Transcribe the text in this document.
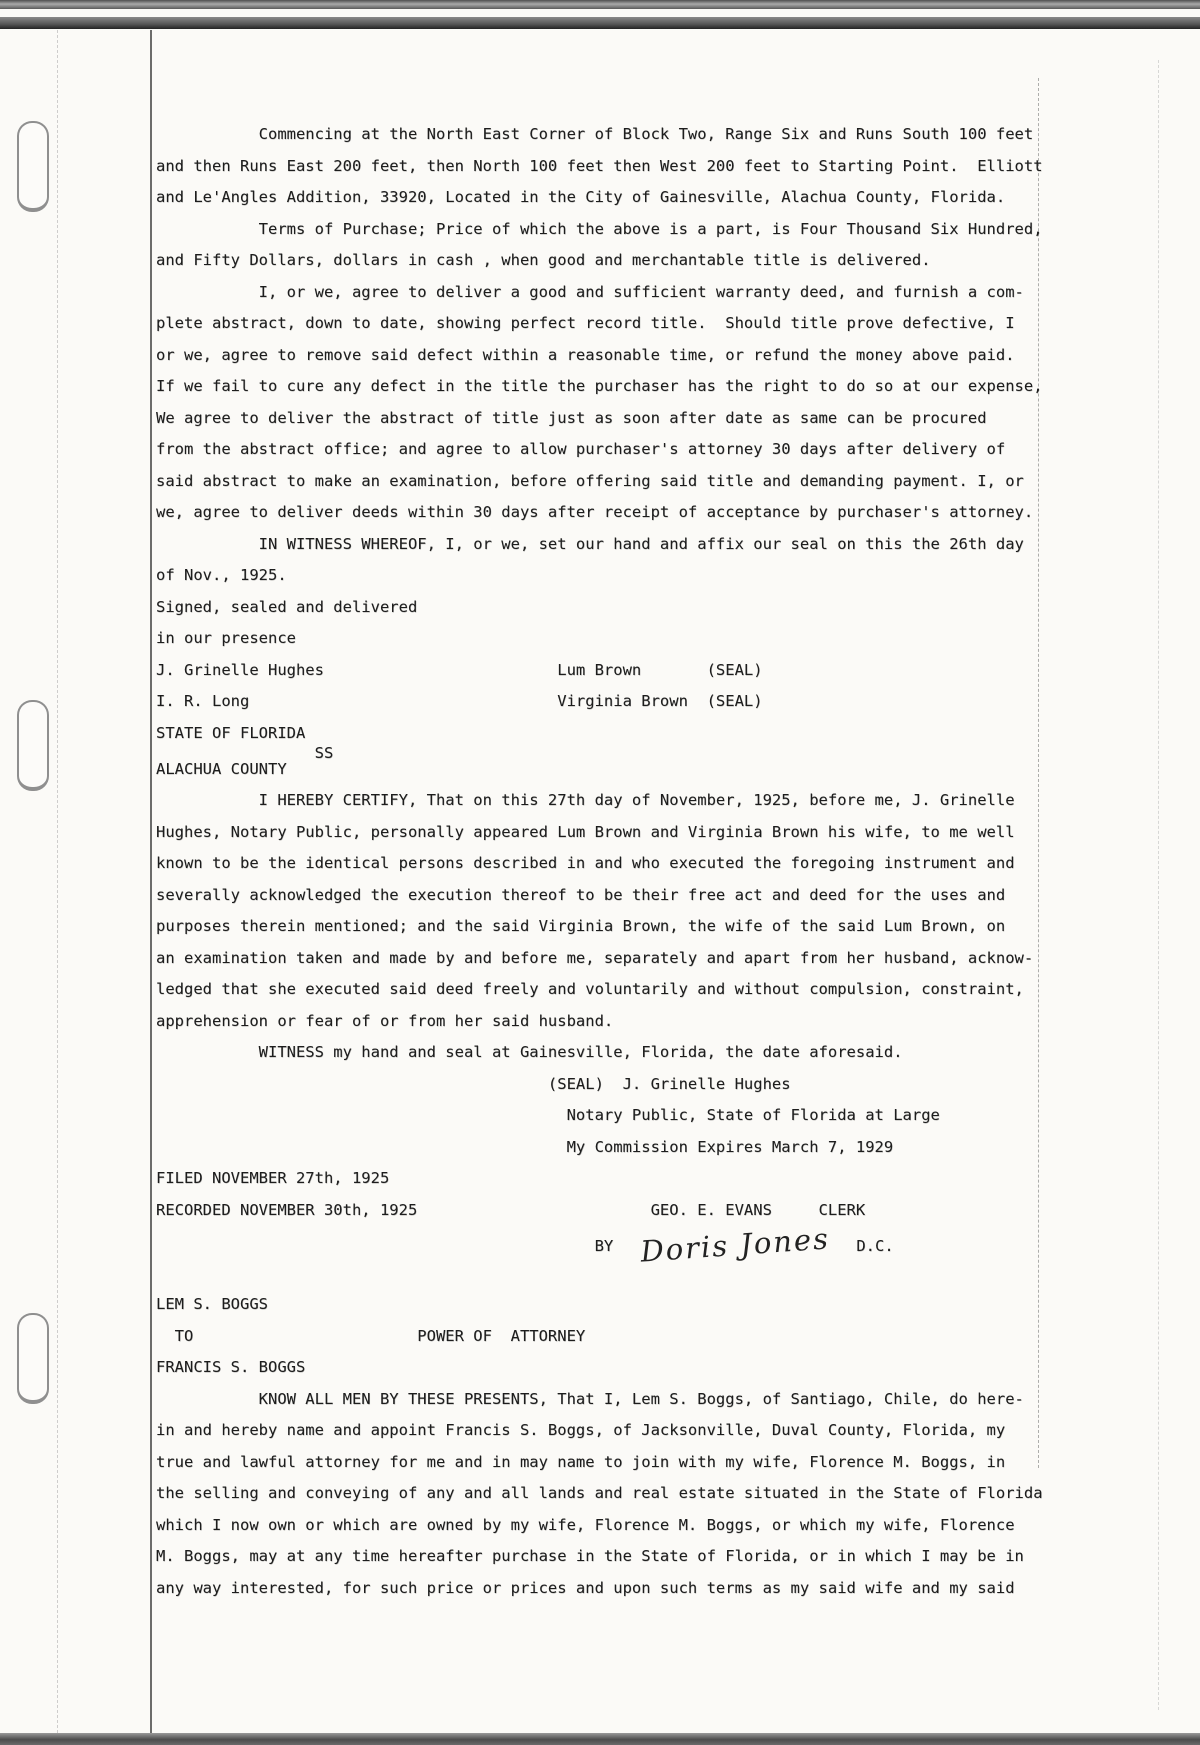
Commencing at the North East Corner of Block Two, Range Six and Runs South 100 feet
and then Runs East 200 feet, then North 100 feet then West 200 feet to Starting Point.  Elliott
and Le'Angles Addition, 33920, Located in the City of Gainesville, Alachua County, Florida.
Terms of Purchase; Price of which the above is a part, is Four Thousand Six Hundred,
and Fifty Dollars, dollars in cash , when good and merchantable title is delivered.
I, or we, agree to deliver a good and sufficient warranty deed, and furnish a com-
plete abstract, down to date, showing perfect record title.  Should title prove defective, I
or we, agree to remove said defect within a reasonable time, or refund the money above paid.
If we fail to cure any defect in the title the purchaser has the right to do so at our expense,
We agree to deliver the abstract of title just as soon after date as same can be procured
from the abstract office; and agree to allow purchaser's attorney 30 days after delivery of
said abstract to make an examination, before offering said title and demanding payment. I, or
we, agree to deliver deeds within 30 days after receipt of acceptance by purchaser's attorney.
IN WITNESS WHEREOF, I, or we, set our hand and affix our seal on this the 26th day
of Nov., 1925.
Signed, sealed and delivered
in our presence
J. Grinelle Hughes                         Lum Brown       (SEAL)
I. R. Long                                 Virginia Brown  (SEAL)
STATE OF FLORIDA
SS
ALACHUA COUNTY
I HEREBY CERTIFY, That on this 27th day of November, 1925, before me, J. Grinelle
Hughes, Notary Public, personally appeared Lum Brown and Virginia Brown his wife, to me well
known to be the identical persons described in and who executed the foregoing instrument and
severally acknowledged the execution thereof to be their free act and deed for the uses and
purposes therein mentioned; and the said Virginia Brown, the wife of the said Lum Brown, on
an examination taken and made by and before me, separately and apart from her husband, acknow-
ledged that she executed said deed freely and voluntarily and without compulsion, constraint,
apprehension or fear of or from her said husband.
WITNESS my hand and seal at Gainesville, Florida, the date aforesaid.
(SEAL)  J. Grinelle Hughes
Notary Public, State of Florida at Large
My Commission Expires March 7, 1929
FILED NOVEMBER 27th, 1925
RECORDED NOVEMBER 30th, 1925                         GEO. E. EVANS     CLERK
BY  Doris Jones  D.C.
LEM S. BOGGS
TO                        POWER OF  ATTORNEY
FRANCIS S. BOGGS
KNOW ALL MEN BY THESE PRESENTS, That I, Lem S. Boggs, of Santiago, Chile, do here-
in and hereby name and appoint Francis S. Boggs, of Jacksonville, Duval County, Florida, my
true and lawful attorney for me and in may name to join with my wife, Florence M. Boggs, in
the selling and conveying of any and all lands and real estate situated in the State of Florida
which I now own or which are owned by my wife, Florence M. Boggs, or which my wife, Florence
M. Boggs, may at any time hereafter purchase in the State of Florida, or in which I may be in
any way interested, for such price or prices and upon such terms as my said wife and my said
